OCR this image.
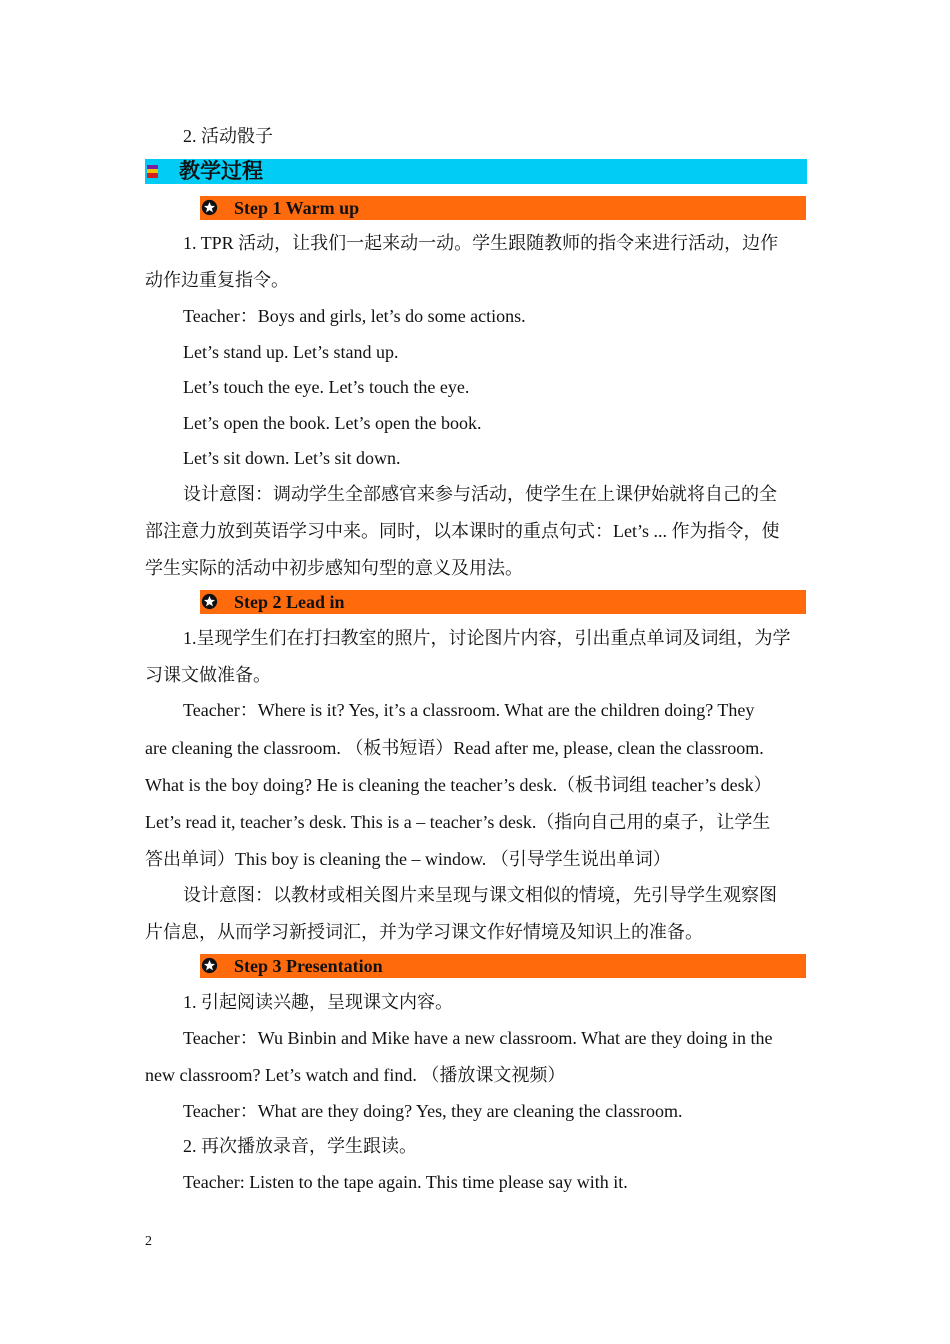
2. 活动骰子
教学过程
Step 1 Warm up
1. TPR 活动，让我们一起来动一动。学生跟随教师的指令来进行活动，边作
动作边重复指令。
Teacher：Boys and girls, let’s do some actions.
Let’s stand up. Let’s stand up.
Let’s touch the eye. Let’s touch the eye.
Let’s open the book. Let’s open the book.
Let’s sit down. Let’s sit down.
设计意图：调动学生全部感官来参与活动，使学生在上课伊始就将自己的全
部注意力放到英语学习中来。同时，以本课时的重点句式：Let’s ... 作为指令，使
学生实际的活动中初步感知句型的意义及用法。
Step 2 Lead in
1.呈现学生们在打扫教室的照片，讨论图片内容，引出重点单词及词组，为学
习课文做准备。
Teacher：Where is it? Yes, it’s a classroom. What are the children doing? They
are cleaning the classroom. （板书短语）Read after me, please, clean the classroom.
What is the boy doing? He is cleaning the teacher’s desk.（板书词组 teacher’s desk）
Let’s read it, teacher’s desk. This is a – teacher’s desk.（指向自己用的桌子，让学生
答出单词）This boy is cleaning the – window. （引导学生说出单词）
设计意图：以教材或相关图片来呈现与课文相似的情境，先引导学生观察图
片信息，从而学习新授词汇，并为学习课文作好情境及知识上的准备。
Step 3 Presentation
1. 引起阅读兴趣，呈现课文内容。
Teacher：Wu Binbin and Mike have a new classroom. What are they doing in the
new classroom? Let’s watch and find. （播放课文视频）
Teacher：What are they doing? Yes, they are cleaning the classroom.
2. 再次播放录音，学生跟读。
Teacher: Listen to the tape again. This time please say with it.
2
